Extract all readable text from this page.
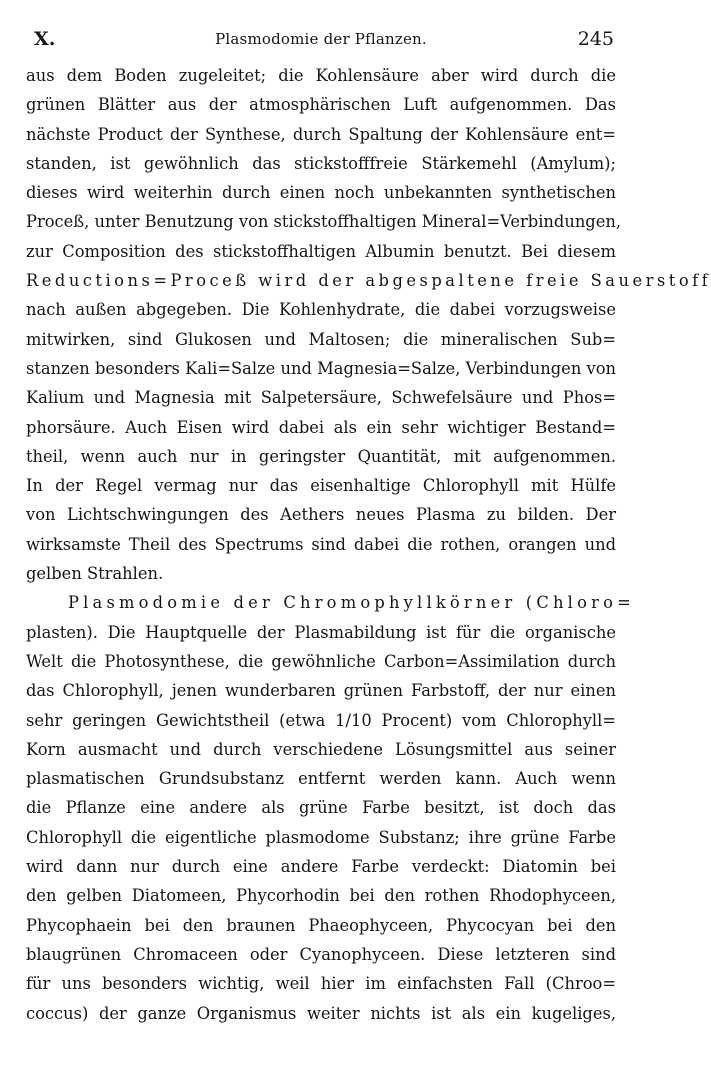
X.	Plasmodomie der Pflanzen.	245
aus dem Boden zugeleitet; die Kohlensäure aber wird durch die
grünen Blätter aus der atmosphärischen Luft aufgenommen. Das
nächste Product der Synthese, durch Spaltung der Kohlensäure ent=
standen, ist gewöhnlich das stickstofffreie Stärkemehl (Amylum);
dieses wird weiterhin durch einen noch unbekannten synthetischen
Proceß, unter Benutzung von stickstoffhaltigen Mineral=Verbindungen,
zur Composition des stickstoffhaltigen Albumin benutzt. Bei diesem
Reductions=Proceß wird der abgespaltene freie Sauerstoff
nach außen abgegeben. Die Kohlenhydrate, die dabei vorzugsweise
mitwirken, sind Glukosen und Maltosen; die mineralischen Sub=
stanzen besonders Kali=Salze und Magnesia=Salze, Verbindungen von
Kalium und Magnesia mit Salpetersäure, Schwefelsäure und Phos=
phorsäure. Auch Eisen wird dabei als ein sehr wichtiger Bestand=
theil, wenn auch nur in geringster Quantität, mit aufgenommen.
In der Regel vermag nur das eisenhaltige Chlorophyll mit Hülfe
von Lichtschwingungen des Aethers neues Plasma zu bilden. Der
wirksamste Theil des Spectrums sind dabei die rothen, orangen und
gelben Strahlen.
Plasmodomie der Chromophyllkörner (Chloro=
plasten). Die Hauptquelle der Plasmabildung ist für die organische
Welt die Photosynthese, die gewöhnliche Carbon=Assimilation durch
das Chlorophyll, jenen wunderbaren grünen Farbstoff, der nur einen
sehr geringen Gewichtstheil (etwa 1/10 Procent) vom Chlorophyll=
Korn ausmacht und durch verschiedene Lösungsmittel aus seiner
plasmatischen Grundsubstanz entfernt werden kann. Auch wenn
die Pflanze eine andere als grüne Farbe besitzt, ist doch das
Chlorophyll die eigentliche plasmodome Substanz; ihre grüne Farbe
wird dann nur durch eine andere Farbe verdeckt: Diatomin bei
den gelben Diatomeen, Phycorhodin bei den rothen Rhodophyceen,
Phycophaein bei den braunen Phaeophyceen, Phycocyan bei den
blaugrünen Chromaceen oder Cyanophyceen. Diese letzteren sind
für uns besonders wichtig, weil hier im einfachsten Fall (Chroo=
coccus) der ganze Organismus weiter nichts ist als ein kugeliges,
